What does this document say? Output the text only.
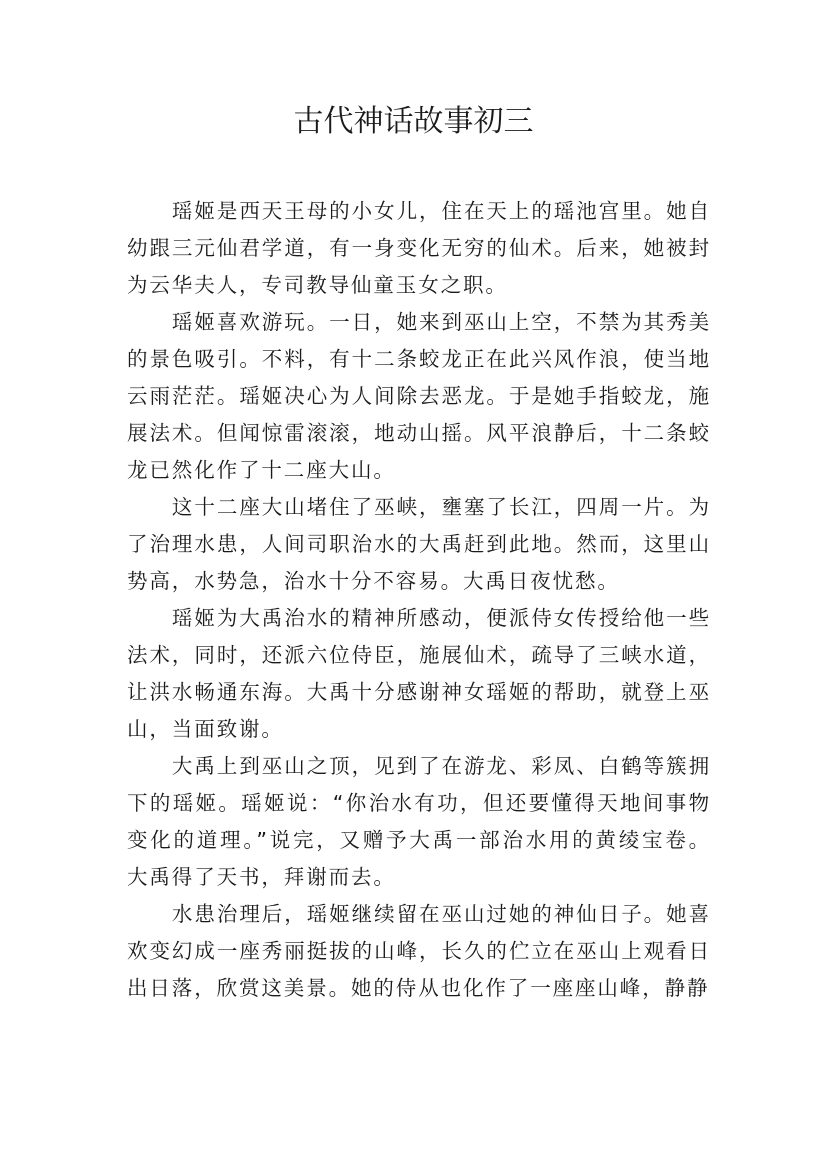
古代神话故事初三

　　瑶姬是西天王母的小女儿，住在天上的瑶池宫里。她自幼跟三元仙君学道，有一身变化无穷的仙术。后来，她被封为云华夫人，专司教导仙童玉女之职。

　　瑶姬喜欢游玩。一日，她来到巫山上空，不禁为其秀美的景色吸引。不料，有十二条蛟龙正在此兴风作浪，使当地云雨茫茫。瑶姬决心为人间除去恶龙。于是她手指蛟龙，施展法术。但闻惊雷滚滚，地动山摇。风平浪静后，十二条蛟龙已然化作了十二座大山。

　　这十二座大山堵住了巫峡，壅塞了长江，四周一片。为了治理水患，人间司职治水的大禹赶到此地。然而，这里山势高，水势急，治水十分不容易。大禹日夜忧愁。

　　瑶姬为大禹治水的精神所感动，便派侍女传授给他一些法术，同时，还派六位侍臣，施展仙术，疏导了三峡水道，让洪水畅通东海。大禹十分感谢神女瑶姬的帮助，就登上巫山，当面致谢。

　　大禹上到巫山之顶，见到了在游龙、彩凤、白鹤等簇拥下的瑶姬。瑶姬说：“你治水有功，但还要懂得天地间事物变化的道理。”说完，又赠予大禹一部治水用的黄绫宝卷。大禹得了天书，拜谢而去。

　　水患治理后，瑶姬继续留在巫山过她的神仙日子。她喜欢变幻成一座秀丽挺拔的山峰，长久的伫立在巫山上观看日出日落，欣赏这美景。她的侍从也化作了一座座山峰，静静
